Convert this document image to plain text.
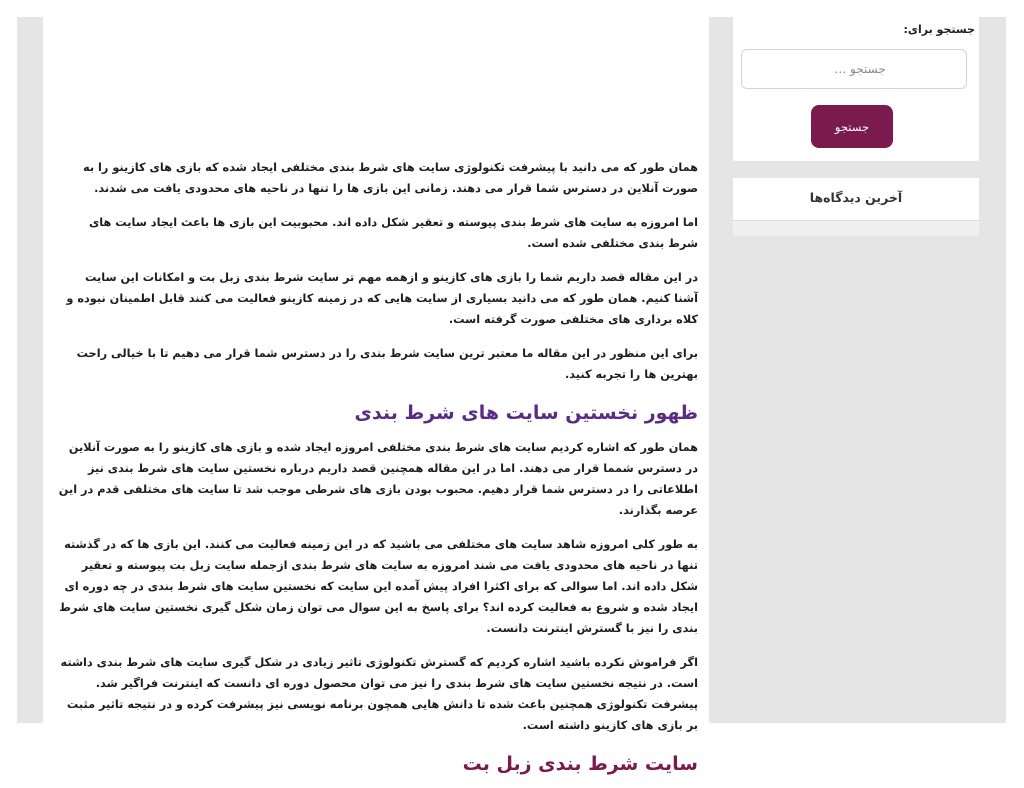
همان طور که می دانید با پیشرفت تکنولوژی سایت های شرط بندی مختلفی ایجاد شده که بازی های کازینو را به صورت آنلاین در دسترس شما قرار می دهند. زمانی این بازی ها را تنها در ناحیه های محدودی یافت می شدند.

اما امروزه به سایت های شرط بندی پیوسته و تعقیر شکل داده اند. محبوبیت این بازی ها باعث ایجاد سایت های شرط بندی مختلفی شده است.

در این مقاله قصد داریم شما را بازی های کازینو و ازهمه مهم تر سایت شرط بندی زبل بت و امکانات این سایت آشنا کنیم. همان طور که می دانید بسیاری از سایت هایی که در زمینه کازینو فعالیت می کنند قابل اطمینان نبوده و کلاه برداری های مختلفی صورت گرفته است.

برای این منظور در این مقاله ما معتبر ترین سایت شرط بندی را در دسترس شما قرار می دهیم تا با خیالی راحت بهترین ها را تجربه کنید.

ظهور نخستین سایت های شرط بندی

همان طور که اشاره کردیم سایت های شرط بندی مختلفی امروزه ایجاد شده و بازی های کازینو را به صورت آنلاین در دسترس شمما قرار می دهند. اما در این مقاله همچنین قصد داریم درباره نخستین سایت های شرط بندی نیز اطلاعاتی را در دسترس شما قرار دهیم. محبوب بودن بازی های شرطی موجب شد تا سایت های مختلفی قدم در این عرصه بگذارند.

به طور کلی امروزه شاهد سایت های مختلفی می باشید که در این زمینه فعالیت می کنند. این بازی ها که در گذشته تنها در ناحیه های محدودی یافت می شند امروزه به سایت های شرط بندی ازجمله سایت زبل بت پیوسته و تعقیر شکل داده اند. اما سوالی که برای اکثرا افراد پیش آمده این سایت که نخستین سایت های شرط بندی در چه دوره ای ایجاد شده و شروع به فعالیت کرده اند؟ برای پاسخ به این سوال می توان زمان شکل گیری نخستین سایت های شرط بندی را نیز با گسترش اینترنت دانست.

اگر فراموش نکرده باشید اشاره کردیم که گسترش تکنولوژی تاثیر زیادی در شکل گیری سایت های شرط بندی داشته است. در نتیجه نخستین سایت های شرط بندی را نیز می توان محصول دوره ای دانست که اینترنت فراگیر شد. پیشرفت تکنولوژی همچنین باعث شده تا دانش هایی همچون برنامه نویسی نیز پیشرفت کرده و در نتیجه تاثیر مثبت بر بازی های کازینو داشته است.

سایت شرط بندی زبل بت
جستجو برای:
جستجو …
جستجو
آخرین دیدگاه‌ها
